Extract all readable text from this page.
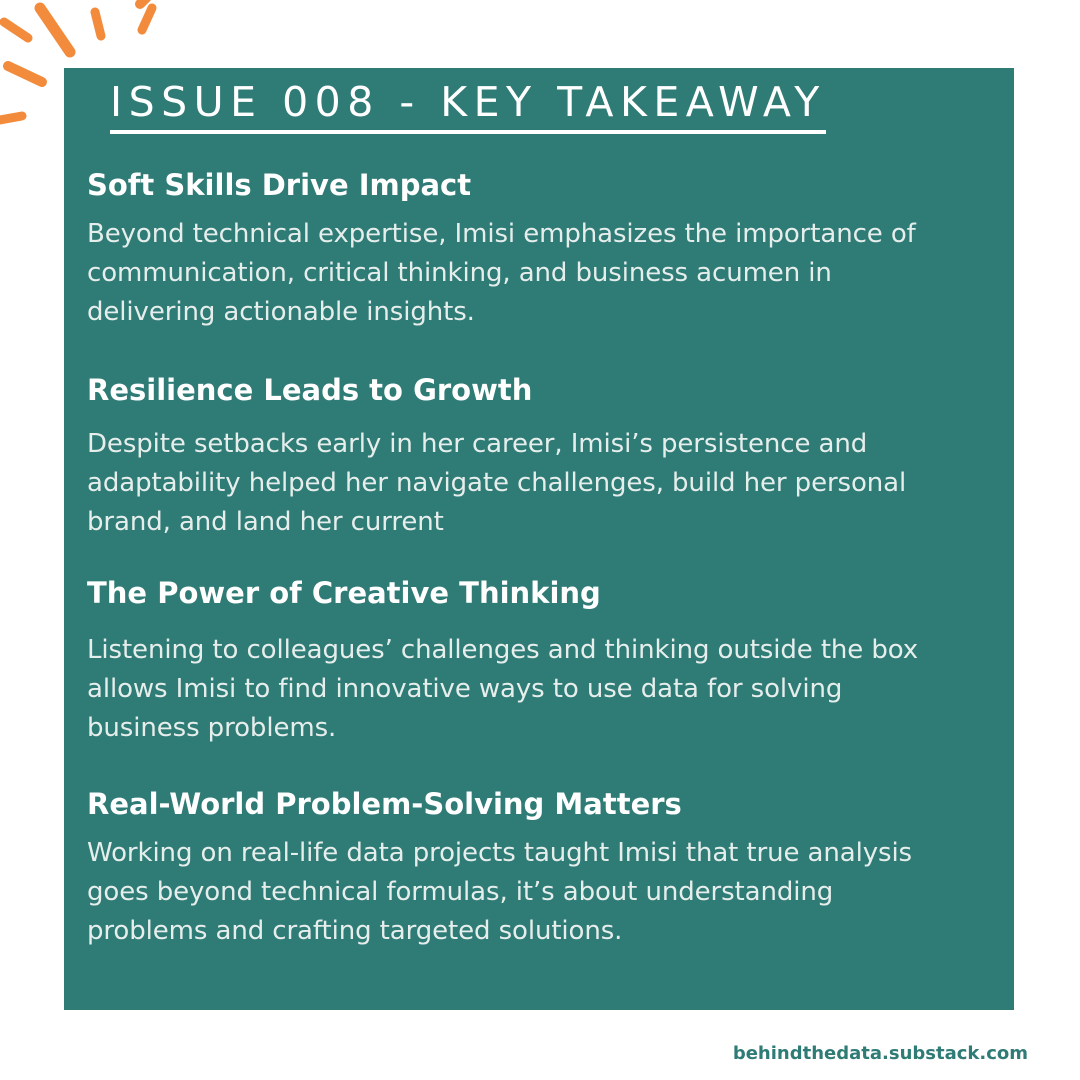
ISSUE 008 - KEY TAKEAWAY
Soft Skills Drive Impact

Beyond technical expertise, Imisi emphasizes the importance of
communication, critical thinking, and business acumen in
delivering actionable insights.

Resilience Leads to Growth

Despite setbacks early in her career, Imisi’s persistence and
adaptability helped her navigate challenges, build her personal
brand, and land her current

The Power of Creative Thinking

Listening to colleagues’ challenges and thinking outside the box
allows Imisi to find innovative ways to use data for solving
business problems.

Real-World Problem-Solving Matters

Working on real-life data projects taught Imisi that true analysis
goes beyond technical formulas, it’s about understanding
problems and crafting targeted solutions.

behindthedata.substack.com
